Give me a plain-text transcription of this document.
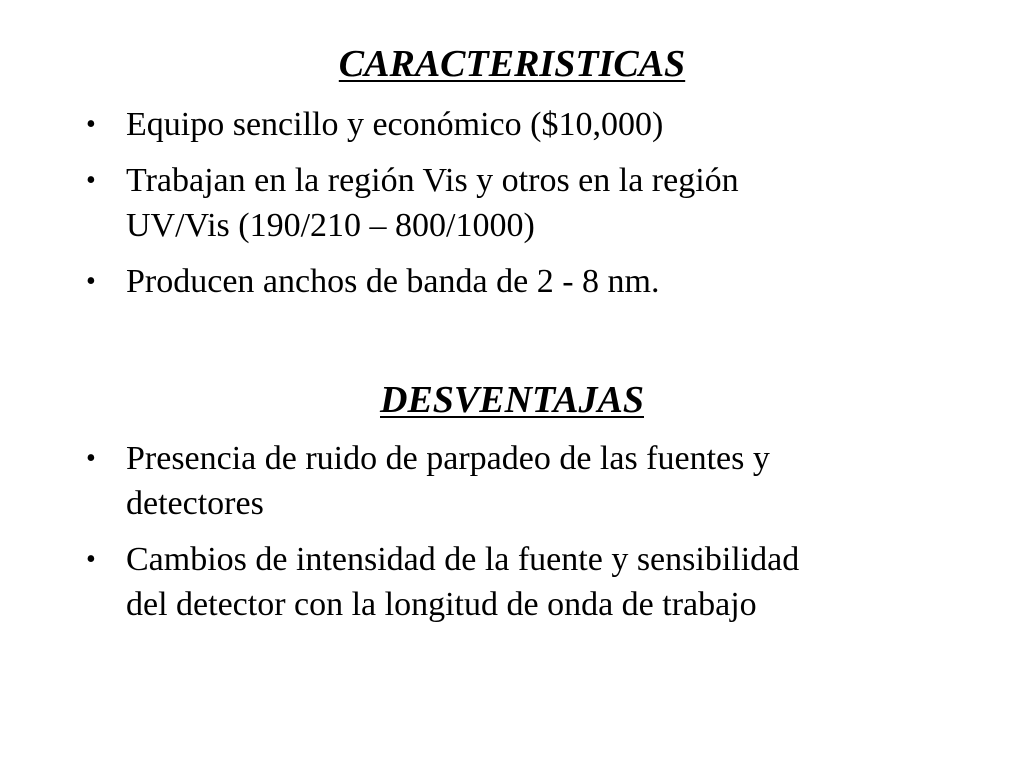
CARACTERISTICAS
• Equipo sencillo y económico ($10,000)
• Trabajan en la región Vis y otros en la región
UV/Vis (190/210 – 800/1000)
• Producen anchos de banda de 2 - 8 nm.
DESVENTAJAS
• Presencia de ruido de parpadeo de las fuentes y
detectores
• Cambios de intensidad de la fuente y sensibilidad
del detector con la longitud de onda de trabajo
